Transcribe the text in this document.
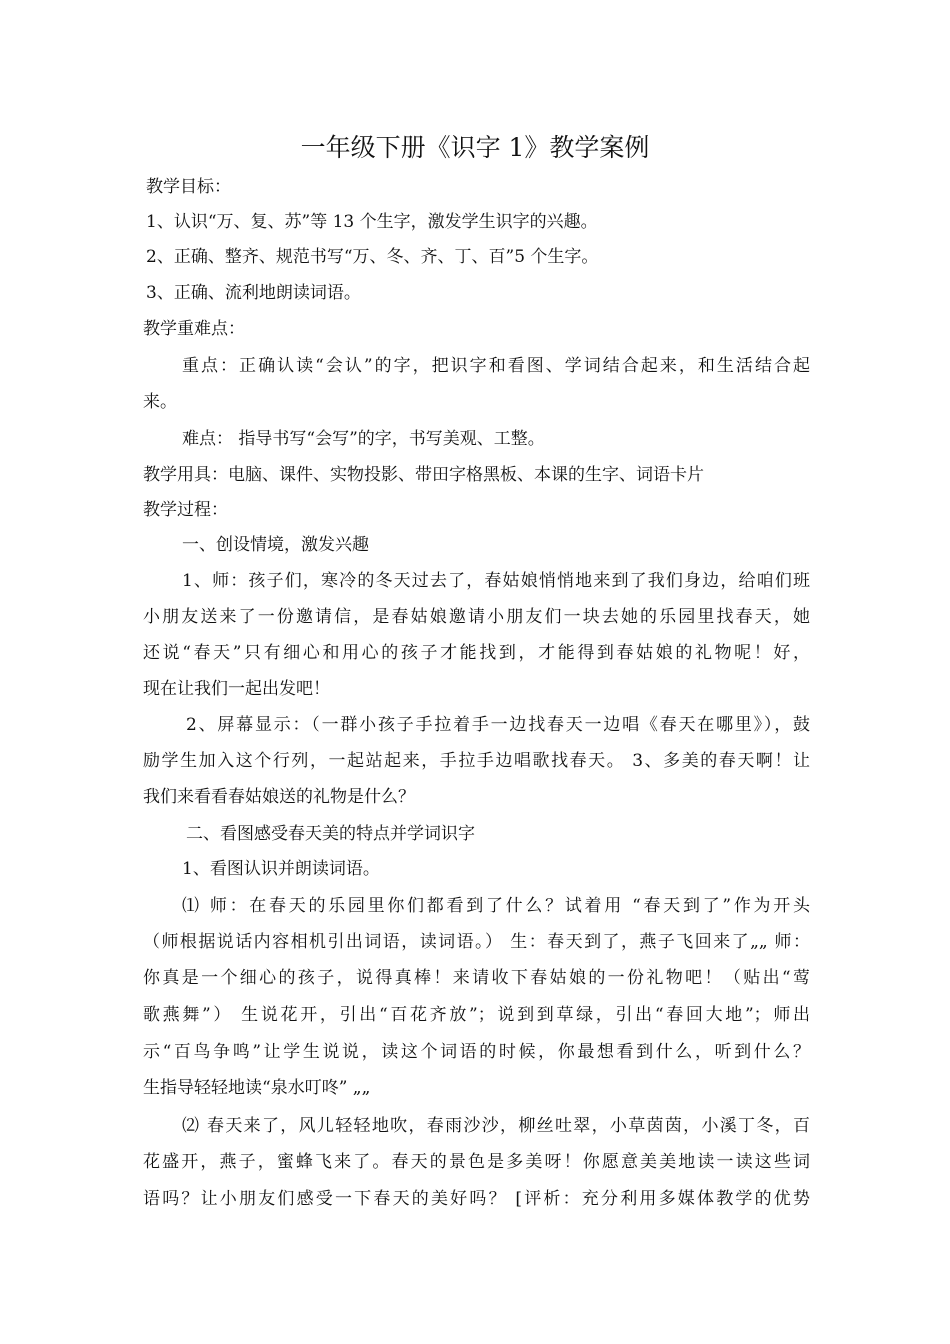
一年级下册《识字 1》教学案例
教学目标：
1、认识“万、复、苏”等 13 个生字，激发学生识字的兴趣。
2、正确、整齐、规范书写“万、冬、齐、丁、百”5 个生字。
3、正确、流利地朗读词语。
教学重难点：
重点：正确认读“会认”的字，把识字和看图、学词结合起来，和生活结合起
来。
难点： 指导书写“会写”的字，书写美观、工整。
教学用具：电脑、课件、实物投影、带田字格黑板、本课的生字、词语卡片
教学过程：
一、创设情境，激发兴趣
1、师：孩子们，寒冷的冬天过去了，春姑娘悄悄地来到了我们身边，给咱们班
小朋友送来了一份邀请信，是春姑娘邀请小朋友们一块去她的乐园里找春天，她
还说“春天”只有细心和用心的孩子才能找到，才能得到春姑娘的礼物呢！好，
现在让我们一起出发吧！
2、屏幕显示：（一群小孩子手拉着手一边找春天一边唱《春天在哪里》），鼓
励学生加入这个行列，一起站起来，手拉手边唱歌找春天。 3、多美的春天啊！让
我们来看看春姑娘送的礼物是什么？
二、看图感受春天美的特点并学词识字
1、看图认识并朗读词语。
⑴ 师：在春天的乐园里你们都看到了什么？试着用 “春天到了”作为开头
（师根据说话内容相机引出词语，读词语。） 生：春天到了，燕子飞回来了„„ 师：
你真是一个细心的孩子，说得真棒！来请收下春姑娘的一份礼物吧！（贴出“莺
歌燕舞”） 生说花开，引出“百花齐放”；说到到草绿，引出“春回大地”；师出
示“百鸟争鸣”让学生说说，读这个词语的时候，你最想看到什么，听到什么？
生指导轻轻地读“泉水叮咚” „„
⑵ 春天来了，风儿轻轻地吹，春雨沙沙，柳丝吐翠，小草茵茵，小溪丁冬，百
花盛开，燕子，蜜蜂飞来了。春天的景色是多美呀！你愿意美美地读一读这些词
语吗？让小朋友们感受一下春天的美好吗？ [评析：充分利用多媒体教学的优势
